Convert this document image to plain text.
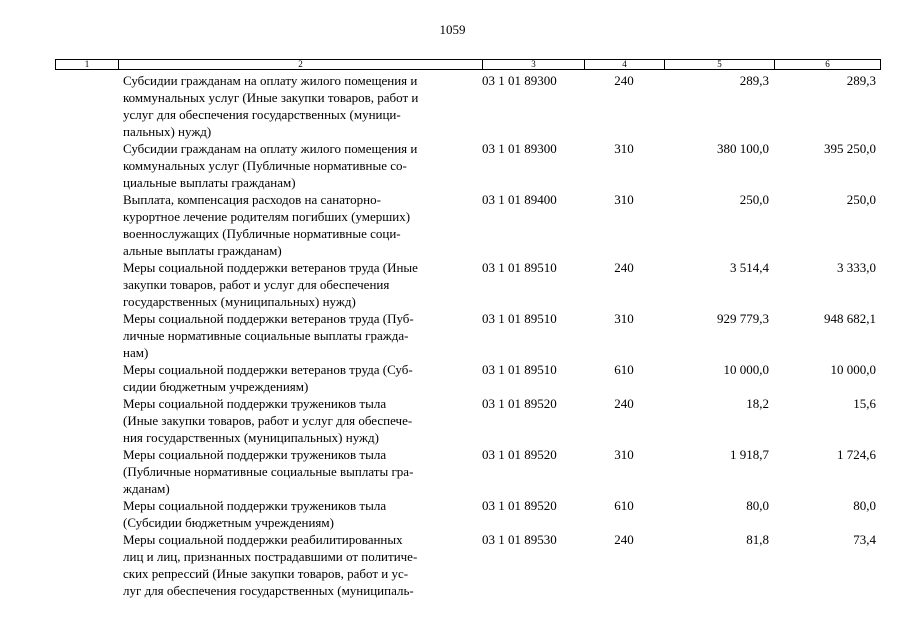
1059
1	2	3	4	5	6
Субсидии гражданам на оплату жилого помещения и
коммунальных услуг (Иные закупки товаров, работ и
услуг для обеспечения государственных (муници-
пальных) нужд)
03 1 01 89300	240	289,3	289,3
Субсидии гражданам на оплату жилого помещения и
коммунальных услуг (Публичные нормативные со-
циальные выплаты гражданам)
03 1 01 89300	310	380 100,0	395 250,0
Выплата, компенсация расходов на санаторно-
курортное лечение родителям погибших (умерших)
военнослужащих (Публичные нормативные соци-
альные выплаты гражданам)
03 1 01 89400	310	250,0	250,0
Меры социальной поддержки ветеранов труда (Иные
закупки товаров, работ и услуг для обеспечения
государственных (муниципальных) нужд)
03 1 01 89510	240	3 514,4	3 333,0
Меры социальной поддержки ветеранов труда (Пуб-
личные нормативные социальные выплаты гражда-
нам)
03 1 01 89510	310	929 779,3	948 682,1
Меры социальной поддержки ветеранов труда (Суб-
сидии бюджетным учреждениям)
03 1 01 89510	610	10 000,0	10 000,0
Меры социальной поддержки тружеников тыла
(Иные закупки товаров, работ и услуг для обеспече-
ния государственных (муниципальных) нужд)
03 1 01 89520	240	18,2	15,6
Меры социальной поддержки тружеников тыла
(Публичные нормативные социальные выплаты гра-
жданам)
03 1 01 89520	310	1 918,7	1 724,6
Меры социальной поддержки тружеников тыла
(Субсидии бюджетным учреждениям)
03 1 01 89520	610	80,0	80,0
Меры социальной поддержки реабилитированных
лиц и лиц, признанных пострадавшими от политиче-
ских репрессий (Иные закупки товаров, работ и ус-
луг для обеспечения государственных (муниципаль-
03 1 01 89530	240	81,8	73,4
